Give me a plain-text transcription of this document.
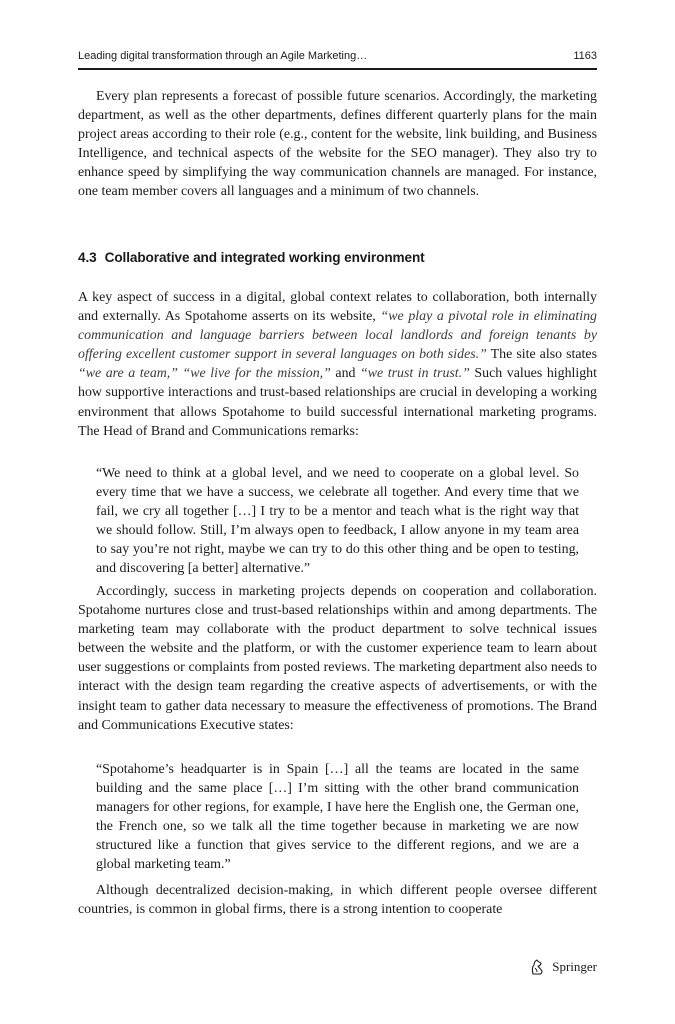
Leading digital transformation through an Agile Marketing…	1163

Every plan represents a forecast of possible future scenarios. Accordingly, the marketing department, as well as the other departments, defines different quarterly plans for the main project areas according to their role (e.g., content for the website, link building, and Business Intelligence, and technical aspects of the website for the SEO manager). They also try to enhance speed by simplifying the way communication channels are managed. For instance, one team member covers all languages and a minimum of two channels.

4.3 Collaborative and integrated working environment

A key aspect of success in a digital, global context relates to collaboration, both internally and externally. As Spotahome asserts on its website, “we play a pivotal role in eliminating communication and language barriers between local landlords and foreign tenants by offering excellent customer support in several languages on both sides.” The site also states “we are a team,” “we live for the mission,” and “we trust in trust.” Such values highlight how supportive interactions and trust-based relationships are crucial in developing a working environment that allows Spotahome to build successful international marketing programs. The Head of Brand and Communications remarks:

“We need to think at a global level, and we need to cooperate on a global level. So every time that we have a success, we celebrate all together. And every time that we fail, we cry all together […] I try to be a mentor and teach what is the right way that we should follow. Still, I’m always open to feedback, I allow anyone in my team area to say you’re not right, maybe we can try to do this other thing and be open to testing, and discovering [a better] alternative.”

Accordingly, success in marketing projects depends on cooperation and collaboration. Spotahome nurtures close and trust-based relationships within and among departments. The marketing team may collaborate with the product department to solve technical issues between the website and the platform, or with the customer experience team to learn about user suggestions or complaints from posted reviews. The marketing department also needs to interact with the design team regarding the creative aspects of advertisements, or with the insight team to gather data necessary to measure the effectiveness of promotions. The Brand and Communications Executive states:

“Spotahome’s headquarter is in Spain […] all the teams are located in the same building and the same place […] I’m sitting with the other brand communication managers for other regions, for example, I have here the English one, the German one, the French one, so we talk all the time together because in marketing we are now structured like a function that gives service to the different regions, and we are a global marketing team.”

Although decentralized decision-making, in which different people oversee different countries, is common in global firms, there is a strong intention to cooperate

Springer
